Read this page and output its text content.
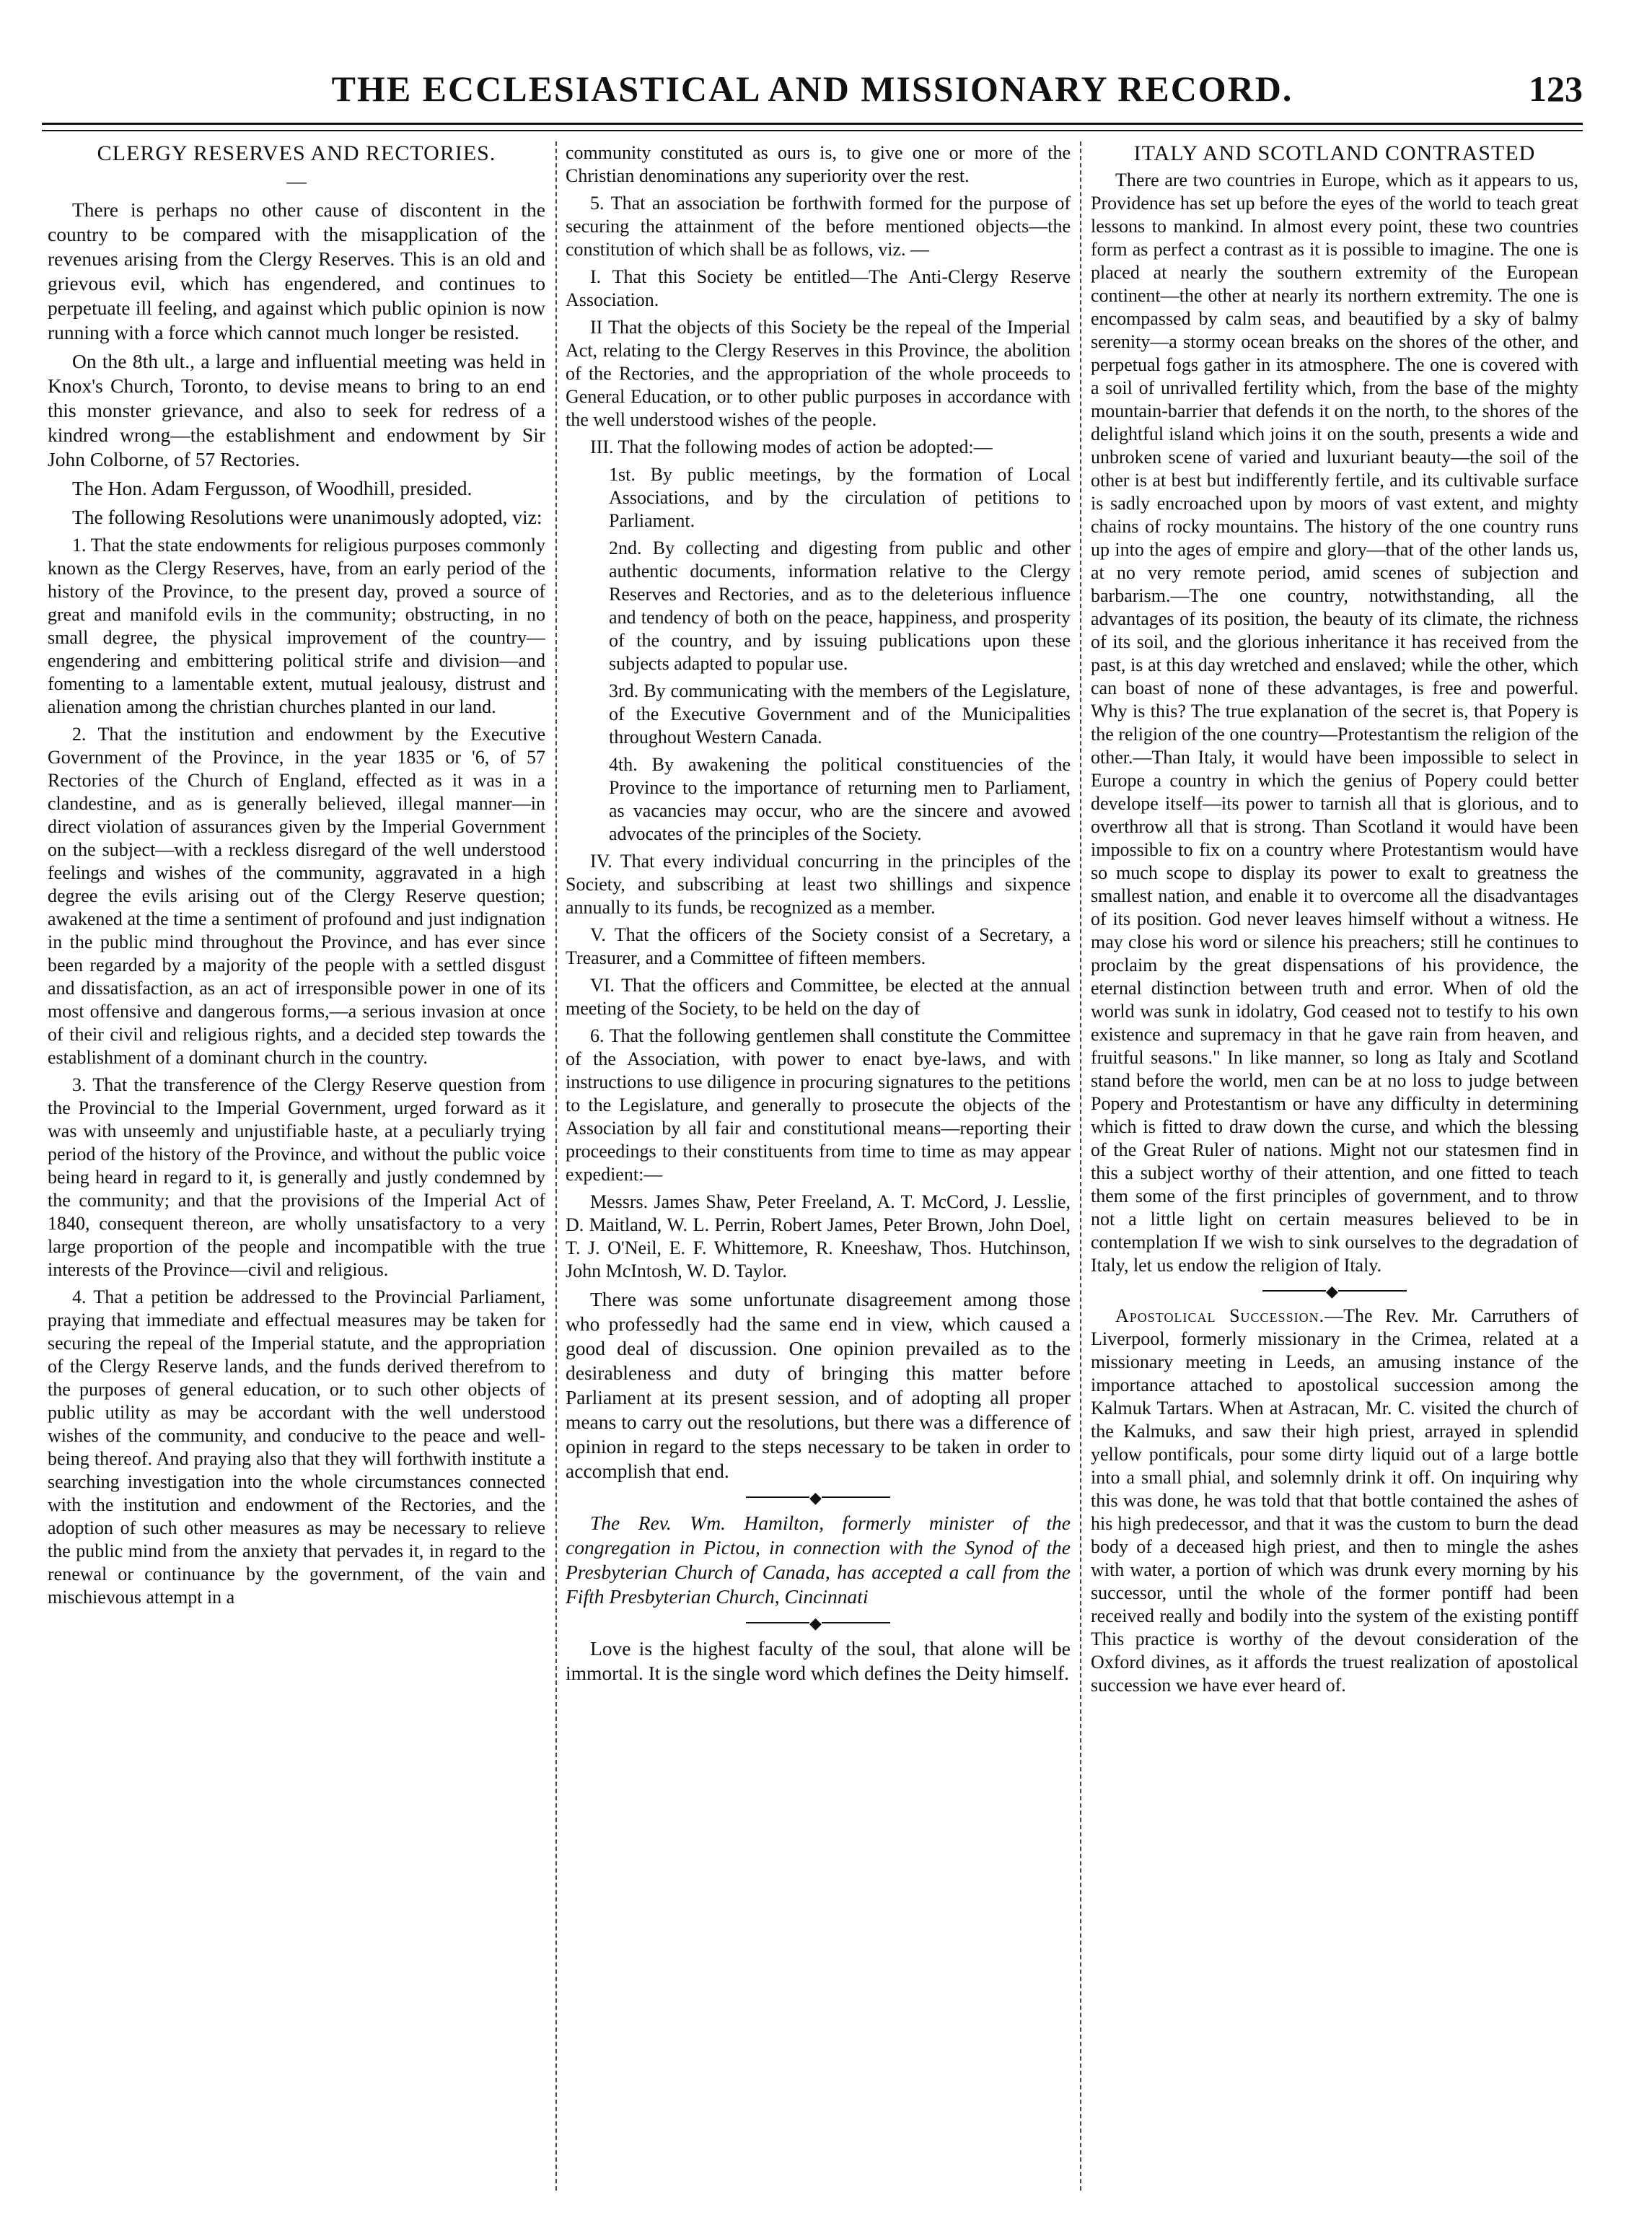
THE ECCLESIASTICAL AND MISSIONARY RECORD.	123

CLERGY RESERVES AND RECTORIES.

—

There is perhaps no other cause of discontent in the country to be compared with the misapplication of the revenues arising from the Clergy Reserves. This is an old and grievous evil, which has engendered, and continues to perpetuate ill feeling, and against which public opinion is now running with a force which cannot much longer be resisted.

On the 8th ult., a large and influential meeting was held in Knox's Church, Toronto, to devise means to bring to an end this monster grievance, and also to seek for redress of a kindred wrong—the establishment and endowment by Sir John Colborne, of 57 Rectories.

The Hon. Adam Fergusson, of Woodhill, presided.

The following Resolutions were unanimously adopted, viz:

1. That the state endowments for religious purposes commonly known as the Clergy Reserves, have, from an early period of the history of the Province, to the present day, proved a source of great and manifold evils in the community; obstructing, in no small degree, the physical improvement of the country—engendering and embittering political strife and division—and fomenting to a lamentable extent, mutual jealousy, distrust and alienation among the christian churches planted in our land.

2. That the institution and endowment by the Executive Government of the Province, in the year 1835 or '6, of 57 Rectories of the Church of England, effected as it was in a clandestine, and as is generally believed, illegal manner—in direct violation of assurances given by the Imperial Government on the subject—with a reckless disregard of the well understood feelings and wishes of the community, aggravated in a high degree the evils arising out of the Clergy Reserve question; awakened at the time a sentiment of profound and just indignation in the public mind throughout the Province, and has ever since been regarded by a majority of the people with a settled disgust and dissatisfaction, as an act of irresponsible power in one of its most offensive and dangerous forms,—a serious invasion at once of their civil and religious rights, and a decided step towards the establishment of a dominant church in the country.

3. That the transference of the Clergy Reserve question from the Provincial to the Imperial Government, urged forward as it was with unseemly and unjustifiable haste, at a peculiarly trying period of the history of the Province, and without the public voice being heard in regard to it, is generally and justly condemned by the community; and that the provisions of the Imperial Act of 1840, consequent thereon, are wholly unsatisfactory to a very large proportion of the people and incompatible with the true interests of the Province—civil and religious.

4. That a petition be addressed to the Provincial Parliament, praying that immediate and effectual measures may be taken for securing the repeal of the Imperial statute, and the appropriation of the Clergy Reserve lands, and the funds derived therefrom to the purposes of general education, or to such other objects of public utility as may be accordant with the well understood wishes of the community, and conducive to the peace and well-being thereof. And praying also that they will forthwith institute a searching investigation into the whole circumstances connected with the institution and endowment of the Rectories, and the adoption of such other measures as may be necessary to relieve the public mind from the anxiety that pervades it, in regard to the renewal or continuance by the government, of the vain and mischievous attempt in a

community constituted as ours is, to give one or more of the Christian denominations any superiority over the rest.

5. That an association be forthwith formed for the purpose of securing the attainment of the before mentioned objects—the constitution of which shall be as follows, viz. —

I. That this Society be entitled—The Anti-Clergy Reserve Association.

II That the objects of this Society be the repeal of the Imperial Act, relating to the Clergy Reserves in this Province, the abolition of the Rectories, and the appropriation of the whole proceeds to General Education, or to other public purposes in accordance with the well understood wishes of the people.

III. That the following modes of action be adopted:—

1st. By public meetings, by the formation of Local Associations, and by the circulation of petitions to Parliament.

2nd. By collecting and digesting from public and other authentic documents, information relative to the Clergy Reserves and Rectories, and as to the deleterious influence and tendency of both on the peace, happiness, and prosperity of the country, and by issuing publications upon these subjects adapted to popular use.

3rd. By communicating with the members of the Legislature, of the Executive Government and of the Municipalities throughout Western Canada.

4th. By awakening the political constituencies of the Province to the importance of returning men to Parliament, as vacancies may occur, who are the sincere and avowed advocates of the principles of the Society.

IV. That every individual concurring in the principles of the Society, and subscribing at least two shillings and sixpence annually to its funds, be recognized as a member.

V. That the officers of the Society consist of a Secretary, a Treasurer, and a Committee of fifteen members.

VI. That the officers and Committee, be elected at the annual meeting of the Society, to be held on the day of

6. That the following gentlemen shall constitute the Committee of the Association, with power to enact bye-laws, and with instructions to use diligence in procuring signatures to the petitions to the Legislature, and generally to prosecute the objects of the Association by all fair and constitutional means—reporting their proceedings to their constituents from time to time as may appear expedient:—

Messrs. James Shaw, Peter Freeland, A. T. McCord, J. Lesslie, D. Maitland, W. L. Perrin, Robert James, Peter Brown, John Doel, T. J. O'Neil, E. F. Whittemore, R. Kneeshaw, Thos. Hutchinson, John McIntosh, W. D. Taylor.

There was some unfortunate disagreement among those who professedly had the same end in view, which caused a good deal of discussion. One opinion prevailed as to the desirableness and duty of bringing this matter before Parliament at its present session, and of adopting all proper means to carry out the resolutions, but there was a difference of opinion in regard to the steps necessary to be taken in order to accomplish that end.

◆

The Rev. Wm. Hamilton, formerly minister of the congregation in Pictou, in connection with the Synod of the Presbyterian Church of Canada, has accepted a call from the Fifth Presbyterian Church, Cincinnati

◆

Love is the highest faculty of the soul, that alone will be immortal. It is the single word which defines the Deity himself.

ITALY AND SCOTLAND CONTRASTED

There are two countries in Europe, which as it appears to us, Providence has set up before the eyes of the world to teach great lessons to mankind. In almost every point, these two countries form as perfect a contrast as it is possible to imagine. The one is placed at nearly the southern extremity of the European continent—the other at nearly its northern extremity. The one is encompassed by calm seas, and beautified by a sky of balmy serenity—a stormy ocean breaks on the shores of the other, and perpetual fogs gather in its atmosphere. The one is covered with a soil of unrivalled fertility which, from the base of the mighty mountain-barrier that defends it on the north, to the shores of the delightful island which joins it on the south, presents a wide and unbroken scene of varied and luxuriant beauty—the soil of the other is at best but indifferently fertile, and its cultivable surface is sadly encroached upon by moors of vast extent, and mighty chains of rocky mountains. The history of the one country runs up into the ages of empire and glory—that of the other lands us, at no very remote period, amid scenes of subjection and barbarism.—The one country, notwithstanding, all the advantages of its position, the beauty of its climate, the richness of its soil, and the glorious inheritance it has received from the past, is at this day wretched and enslaved; while the other, which can boast of none of these advantages, is free and powerful. Why is this? The true explanation of the secret is, that Popery is the religion of the one country—Protestantism the religion of the other.—Than Italy, it would have been impossible to select in Europe a country in which the genius of Popery could better develope itself—its power to tarnish all that is glorious, and to overthrow all that is strong. Than Scotland it would have been impossible to fix on a country where Protestantism would have so much scope to display its power to exalt to greatness the smallest nation, and enable it to overcome all the disadvantages of its position. God never leaves himself without a witness. He may close his word or silence his preachers; still he continues to proclaim by the great dispensations of his providence, the eternal distinction between truth and error. When of old the world was sunk in idolatry, God ceased not to testify to his own existence and supremacy in that he gave rain from heaven, and fruitful seasons." In like manner, so long as Italy and Scotland stand before the world, men can be at no loss to judge between Popery and Protestantism or have any difficulty in determining which is fitted to draw down the curse, and which the blessing of the Great Ruler of nations. Might not our statesmen find in this a subject worthy of their attention, and one fitted to teach them some of the first principles of government, and to throw not a little light on certain measures believed to be in contemplation If we wish to sink ourselves to the degradation of Italy, let us endow the religion of Italy.

◆

Apostolical Succession.—The Rev. Mr. Carruthers of Liverpool, formerly missionary in the Crimea, related at a missionary meeting in Leeds, an amusing instance of the importance attached to apostolical succession among the Kalmuk Tartars. When at Astracan, Mr. C. visited the church of the Kalmuks, and saw their high priest, arrayed in splendid yellow pontificals, pour some dirty liquid out of a large bottle into a small phial, and solemnly drink it off. On inquiring why this was done, he was told that that bottle contained the ashes of his high predecessor, and that it was the custom to burn the dead body of a deceased high priest, and then to mingle the ashes with water, a portion of which was drunk every morning by his successor, until the whole of the former pontiff had been received really and bodily into the system of the existing pontiff This practice is worthy of the devout consideration of the Oxford divines, as it affords the truest realization of apostolical succession we have ever heard of.
